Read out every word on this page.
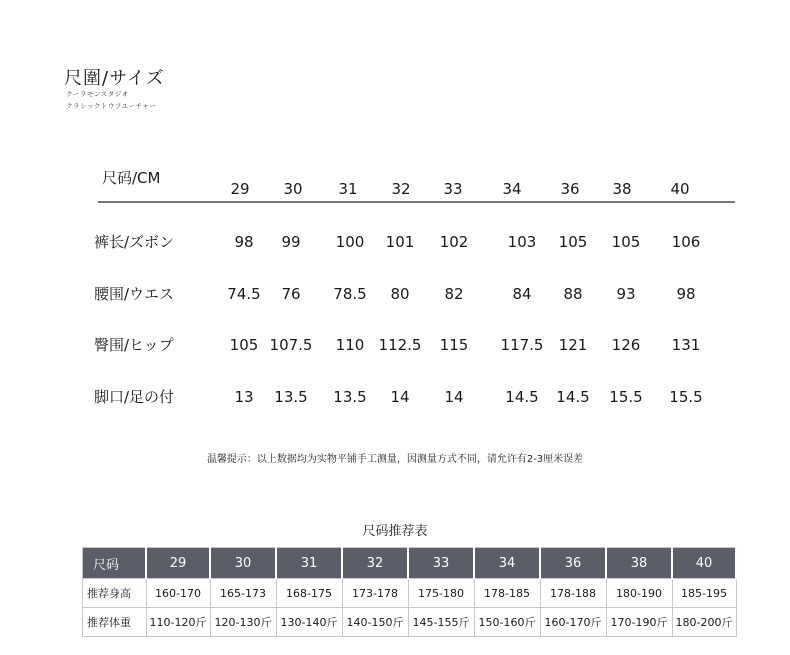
尺圍/サイズ
クーラモンスタジオ
クラシックトウフユーチャー
尺码/CM
29 30 31 32 33	34	36 38	40
裤长/ズボン	98 99 100 101 102	103 105 105 106
腰围/ウエス	74.5 76 78.5 80 82	84 88 93	98
臀围/ヒップ	105 107.5 110 112.5 115 117.5 121 126 131
脚口/足の付	13 13.5 13.5 14 14	14.5 14.5 15.5 15.5
温馨提示：以上数据均为实物平铺手工测量，因测量方式不同，请允许有2-3厘米误差
尺码推荐表
尺码	29	30	31	32	33	34	36	38	40
推荐身高	160-170	165-173	168-175	173-178	175-180	178-185	178-188	180-190	185-195
推荐体重	110-120斤	120-130斤	130-140斤	140-150斤	145-155斤	150-160斤	160-170斤	170-190斤	180-200斤
